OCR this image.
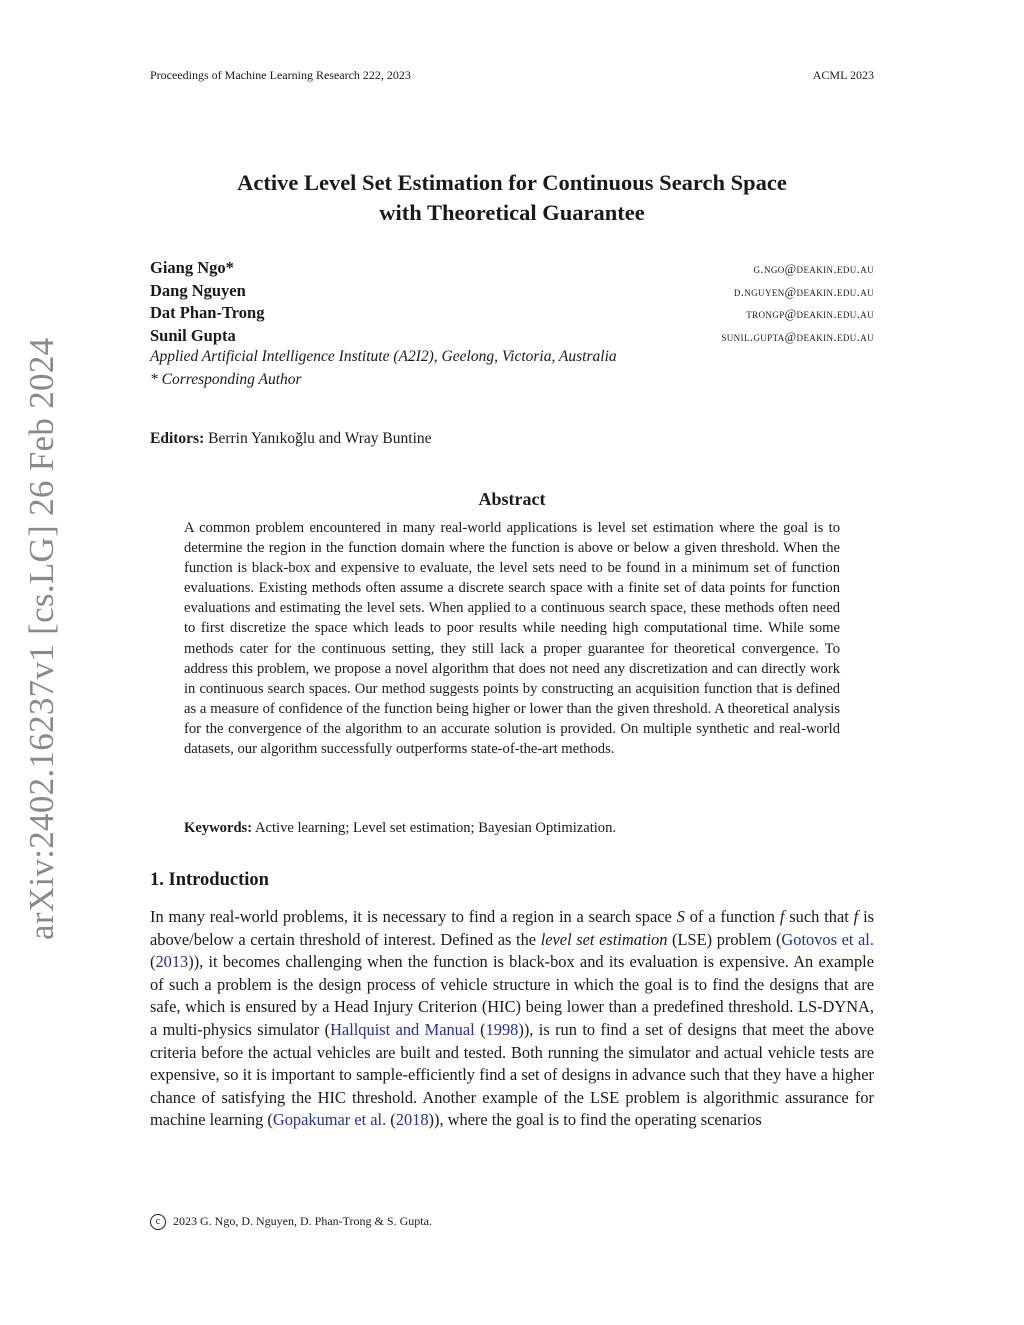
Proceedings of Machine Learning Research 222, 2023	ACML 2023
arXiv:2402.16237v1 [cs.LG] 26 Feb 2024
Active Level Set Estimation for Continuous Search Space
with Theoretical Guarantee
Giang Ngo*	g.ngo@deakin.edu.au
Dang Nguyen	d.nguyen@deakin.edu.au
Dat Phan-Trong	trongp@deakin.edu.au
Sunil Gupta	sunil.gupta@deakin.edu.au
Applied Artificial Intelligence Institute (A2I2), Geelong, Victoria, Australia
* Corresponding Author
Editors: Berrin Yanıkoğlu and Wray Buntine
Abstract
A common problem encountered in many real-world applications is level set estimation where the goal is to determine the region in the function domain where the function is above or below a given threshold. When the function is black-box and expensive to evaluate, the level sets need to be found in a minimum set of function evaluations. Existing methods often assume a discrete search space with a finite set of data points for function evaluations and estimating the level sets. When applied to a continuous search space, these methods often need to first discretize the space which leads to poor results while needing high computational time. While some methods cater for the continuous setting, they still lack a proper guarantee for theoretical convergence. To address this problem, we propose a novel algorithm that does not need any discretization and can directly work in continuous search spaces. Our method suggests points by constructing an acquisition function that is defined as a measure of confidence of the function being higher or lower than the given threshold. A theoretical analysis for the convergence of the algorithm to an accurate solution is provided. On multiple synthetic and real-world datasets, our algorithm successfully outperforms state-of-the-art methods.
Keywords: Active learning; Level set estimation; Bayesian Optimization.
1. Introduction
In many real-world problems, it is necessary to find a region in a search space S of a function f such that f is above/below a certain threshold of interest. Defined as the level set estimation (LSE) problem (Gotovos et al. (2013)), it becomes challenging when the function is black-box and its evaluation is expensive. An example of such a problem is the design process of vehicle structure in which the goal is to find the designs that are safe, which is ensured by a Head Injury Criterion (HIC) being lower than a predefined threshold. LS-DYNA, a multi-physics simulator (Hallquist and Manual (1998)), is run to find a set of designs that meet the above criteria before the actual vehicles are built and tested. Both running the simulator and actual vehicle tests are expensive, so it is important to sample-efficiently find a set of designs in advance such that they have a higher chance of satisfying the HIC threshold. Another example of the LSE problem is algorithmic assurance for machine learning (Gopakumar et al. (2018)), where the goal is to find the operating scenarios
c 2023 G. Ngo, D. Nguyen, D. Phan-Trong & S. Gupta.
